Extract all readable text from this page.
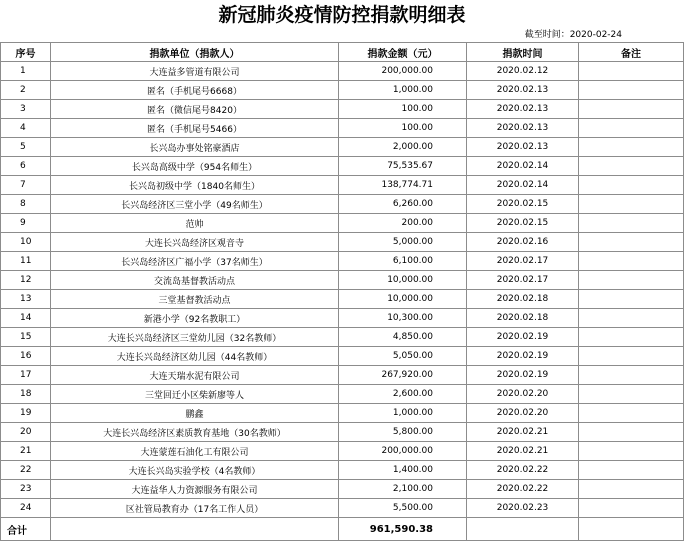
新冠肺炎疫情防控捐款明细表
截至时间：2020-02-24
序号	捐款单位（捐款人）	捐款金额（元）	捐款时间	备注
1	大连益多管道有限公司	200,000.00	2020.02.12	
2	匿名（手机尾号6668）	1,000.00	2020.02.13	
3	匿名（微信尾号8420）	100.00	2020.02.13	
4	匿名（手机尾号5466）	100.00	2020.02.13	
5	长兴岛办事处铭豪酒店	2,000.00	2020.02.13	
6	长兴岛高级中学（954名师生）	75,535.67	2020.02.14	
7	长兴岛初级中学（1840名师生）	138,774.71	2020.02.14	
8	长兴岛经济区三堂小学（49名师生）	6,260.00	2020.02.15	
9	范帅	200.00	2020.02.15	
10	大连长兴岛经济区观音寺	5,000.00	2020.02.16	
11	长兴岛经济区广福小学（37名师生）	6,100.00	2020.02.17	
12	交流岛基督教活动点	10,000.00	2020.02.17	
13	三堂基督教活动点	10,000.00	2020.02.18	
14	新港小学（92名教职工）	10,300.00	2020.02.18	
15	大连长兴岛经济区三堂幼儿园（32名教师）	4,850.00	2020.02.19	
16	大连长兴岛经济区幼儿园（44名教师）	5,050.00	2020.02.19	
17	大连天瑞水泥有限公司	267,920.00	2020.02.19	
18	三堂回迁小区柴新廖等人	2,600.00	2020.02.20	
19	鹏鑫	1,000.00	2020.02.20	
20	大连长兴岛经济区素质教育基地（30名教师）	5,800.00	2020.02.21	
21	大连蒙莲石油化工有限公司	200,000.00	2020.02.21	
22	大连长兴岛实验学校（4名教师）	1,400.00	2020.02.22	
23	大连益华人力资源服务有限公司	2,100.00	2020.02.22	
24	区社管局教育办（17名工作人员）	5,500.00	2020.02.23	
合计		961,590.38		
